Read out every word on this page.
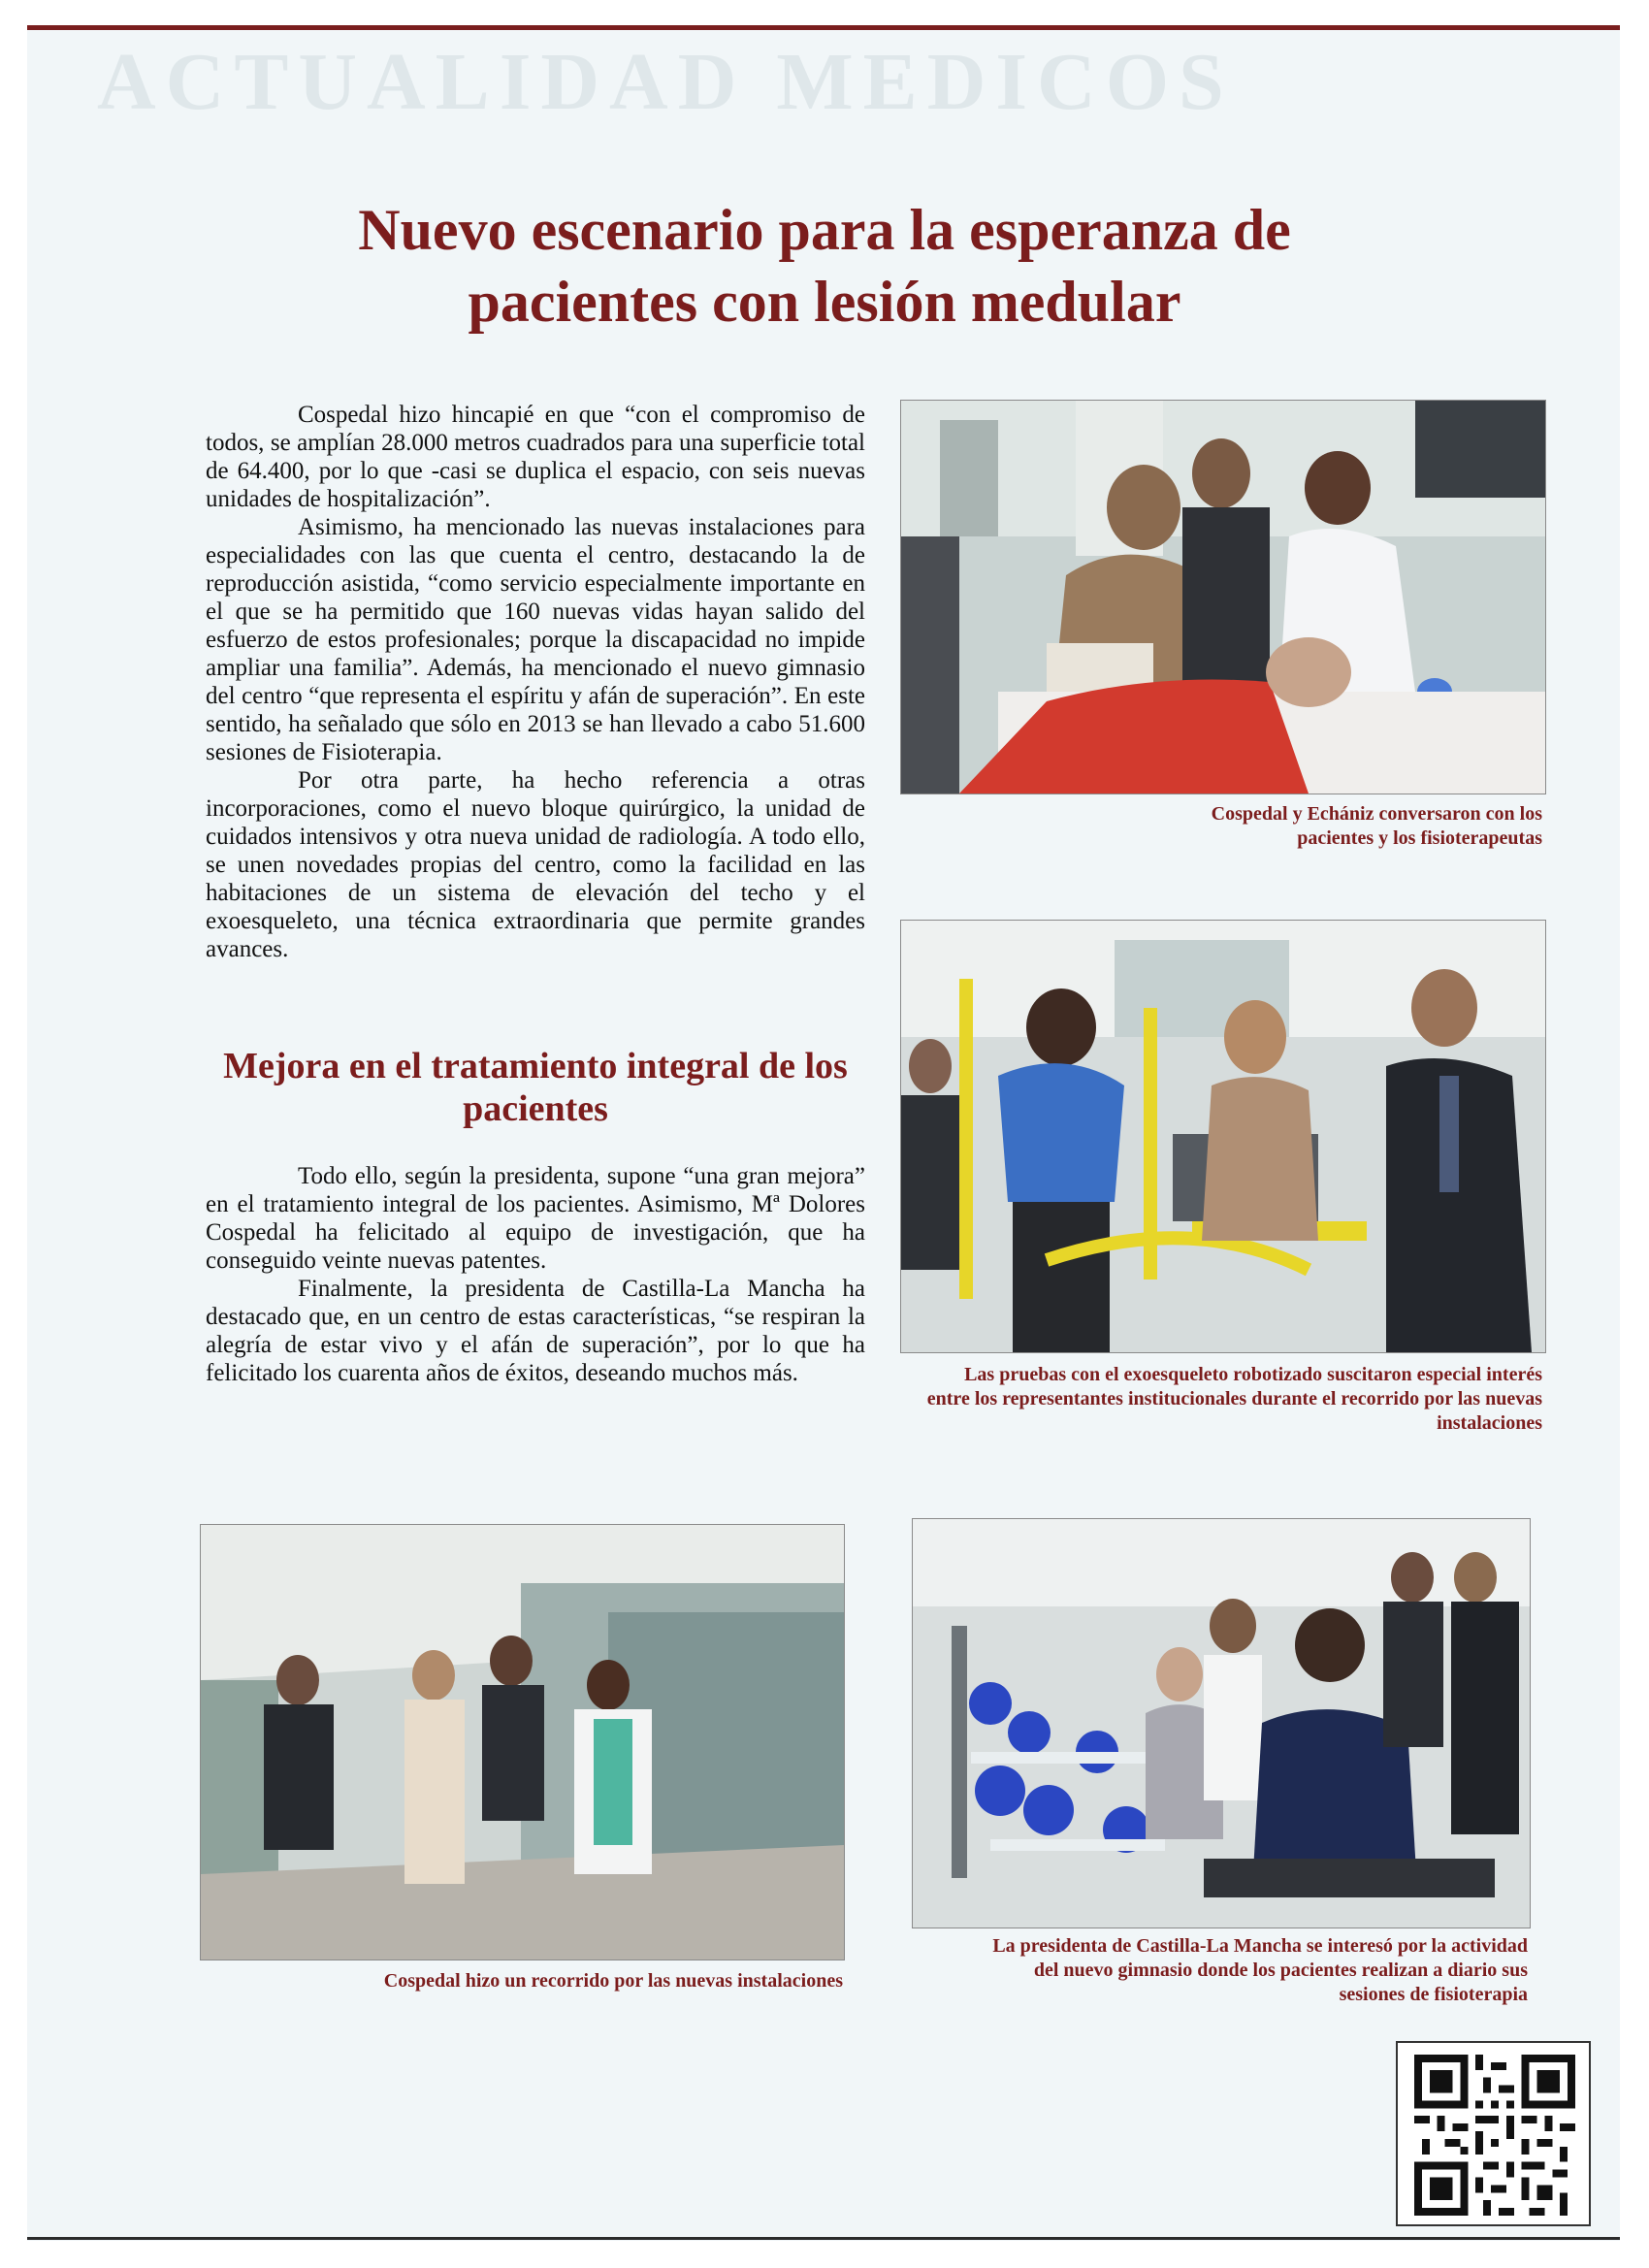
ACTUALIDAD MEDICOS
Nuevo escenario para la esperanza de pacientes con lesión medular

Cospedal hizo hincapié en que “con el compromiso de todos, se amplían 28.000 metros cuadrados para una superficie total de 64.400, por lo que -casi se duplica el espacio, con seis nuevas unidades de hospitalización”.

Asimismo, ha mencionado las nuevas instalaciones para especialidades con las que cuenta el centro, destacando la de reproducción asistida, “como servicio especialmente importante en el que se ha permitido que 160 nuevas vidas hayan salido del esfuerzo de estos profesionales; porque la discapacidad no impide ampliar una familia”. Además, ha mencionado el nuevo gimnasio del centro “que representa el espíritu y afán de superación”. En este sentido, ha señalado que sólo en 2013 se han llevado a cabo 51.600 sesiones de Fisioterapia.

Por otra parte, ha hecho referencia a otras incorporaciones, como el nuevo bloque quirúrgico, la unidad de cuidados intensivos y otra nueva unidad de radiología. A todo ello, se unen novedades propias del centro, como la facilidad en las habitaciones de un sistema de elevación del techo y el exoesqueleto, una técnica extraordinaria que permite grandes avances.

Mejora en el tratamiento integral de los pacientes

Todo ello, según la presidenta, supone “una gran mejora” en el tratamiento integral de los pacientes. Asimismo, Mª Dolores Cospedal ha felicitado al equipo de investigación, que ha conseguido veinte nuevas patentes.

Finalmente, la presidenta de Castilla-La Mancha ha destacado que, en un centro de estas características, “se respiran la alegría de estar vivo y el afán de superación”, por lo que ha felicitado los cuarenta años de éxitos, deseando muchos más.

Cospedal y Echániz conversaron con los pacientes y los fisioterapeutas

Las pruebas con el exoesqueleto robotizado suscitaron especial interés entre los representantes institucionales durante el recorrido por las nuevas instalaciones

Cospedal hizo un recorrido por las nuevas instalaciones

La presidenta de Castilla-La Mancha se interesó por la actividad del nuevo gimnasio donde los pacientes realizan a diario sus sesiones de fisioterapia
